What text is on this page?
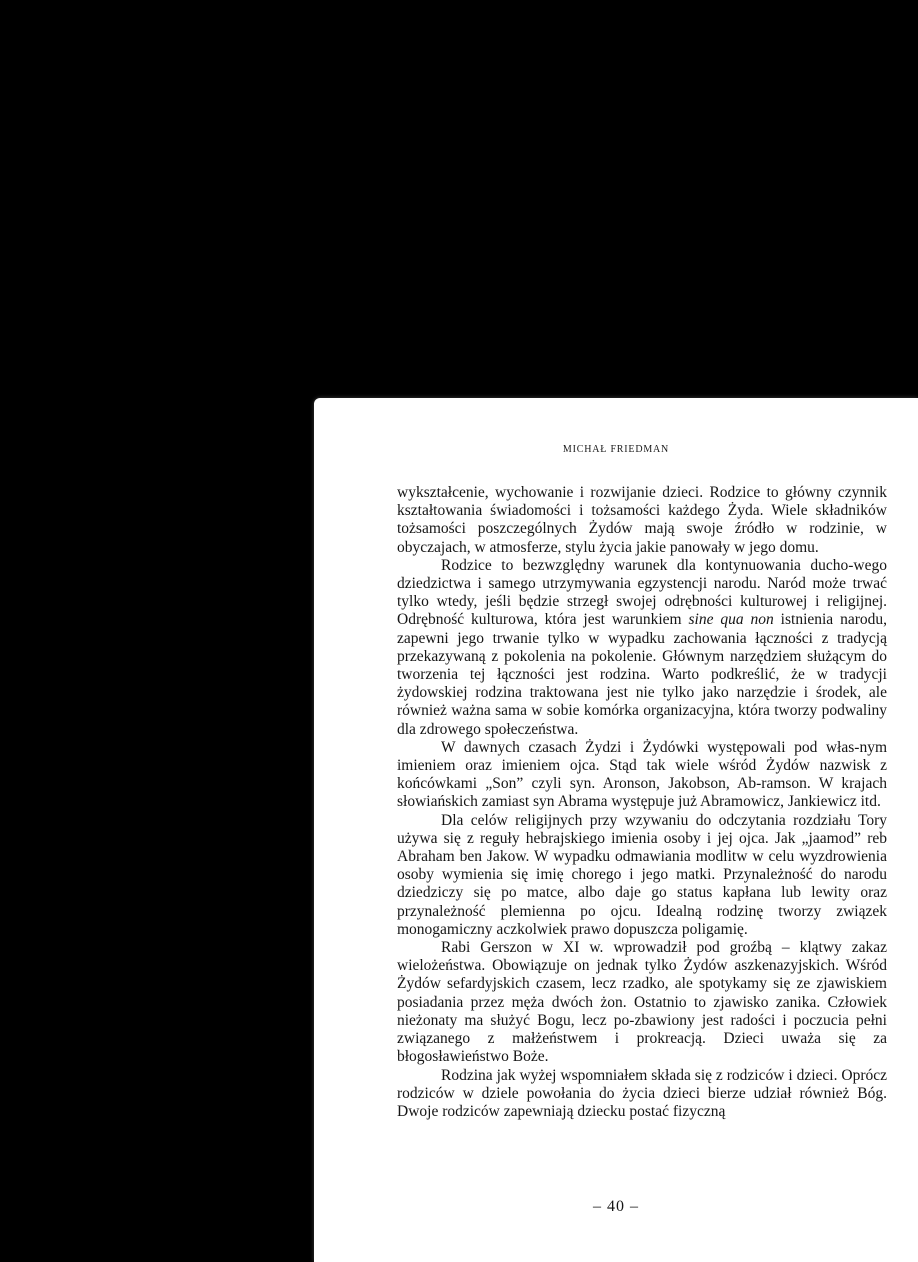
MICHAŁ FRIEDMAN

wykształcenie, wychowanie i rozwijanie dzieci. Rodzice to główny czynnik kształtowania świadomości i tożsamości każdego Żyda. Wiele składników tożsamości poszczególnych Żydów mają swoje źródło w rodzinie, w obyczajach, w atmosferze, stylu życia jakie panowały w jego domu.

Rodzice to bezwzględny warunek dla kontynuowania ducho-wego dziedzictwa i samego utrzymywania egzystencji narodu. Naród może trwać tylko wtedy, jeśli będzie strzegł swojej odrębności kulturowej i religijnej. Odrębność kulturowa, która jest warunkiem sine qua non istnienia narodu, zapewni jego trwanie tylko w wypadku zachowania łączności z tradycją przekazywaną z pokolenia na pokolenie. Głównym narzędziem służącym do tworzenia tej łączności jest rodzina. Warto podkreślić, że w tradycji żydowskiej rodzina traktowana jest nie tylko jako narzędzie i środek, ale również ważna sama w sobie komórka organizacyjna, która tworzy podwaliny dla zdrowego społeczeństwa.

W dawnych czasach Żydzi i Żydówki występowali pod włas-nym imieniem oraz imieniem ojca. Stąd tak wiele wśród Żydów nazwisk z końcówkami „Son” czyli syn. Aronson, Jakobson, Ab-ramson. W krajach słowiańskich zamiast syn Abrama występuje już Abramowicz, Jankiewicz itd.

Dla celów religijnych przy wzywaniu do odczytania rozdziału Tory używa się z reguły hebrajskiego imienia osoby i jej ojca. Jak „jaamod” reb Abraham ben Jakow. W wypadku odmawiania modlitw w celu wyzdrowienia osoby wymienia się imię chorego i jego matki. Przynależność do narodu dziedziczy się po matce, albo daje go status kapłana lub lewity oraz przynależność plemienna po ojcu. Idealną rodzinę tworzy związek monogamiczny aczkolwiek prawo dopuszcza poligamię.

Rabi Gerszon w XI w. wprowadził pod groźbą – klątwy zakaz wielożeństwa. Obowiązuje on jednak tylko Żydów aszkenazyjskich. Wśród Żydów sefardyjskich czasem, lecz rzadko, ale spotykamy się ze zjawiskiem posiadania przez męża dwóch żon. Ostatnio to zjawisko zanika. Człowiek nieżonaty ma służyć Bogu, lecz po-zbawiony jest radości i poczucia pełni związanego z małżeństwem i prokreacją. Dzieci uważa się za błogosławieństwo Boże.

Rodzina jak wyżej wspomniałem składa się z rodziców i dzieci. Oprócz rodziców w dziele powołania do życia dzieci bierze udział również Bóg. Dwoje rodziców zapewniają dziecku postać fizyczną

– 40 –
